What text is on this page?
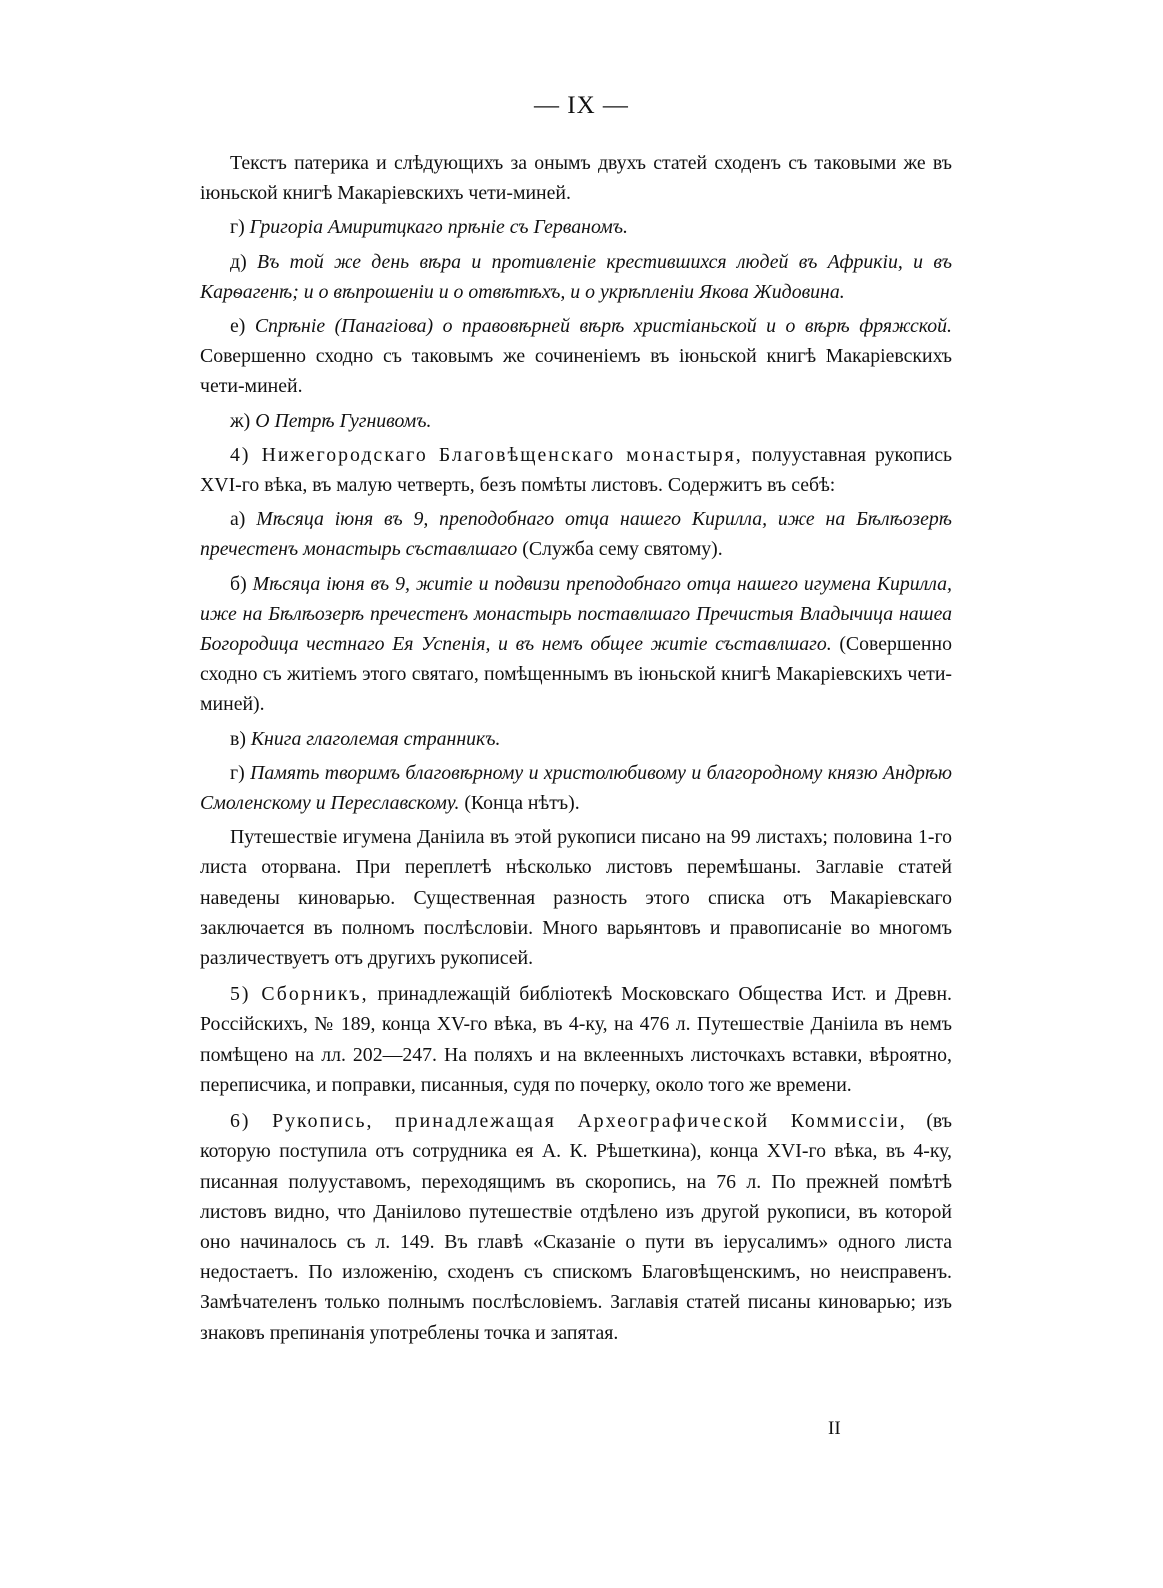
— IX —

Текстъ патерика и слѣдующихъ за онымъ двухъ статей сходенъ съ таковыми же въ іюньской книгѣ Макаріевскихъ чети-миней.

г) Григоріа Амиритцкаго прѣніе съ Герваномъ.

д) Въ той же день вѣра и противленіе крестившихся людей въ Африкіи, и въ Карѳагенѣ; и о вѣпрошеніи и о отвѣтѣхъ, и о укрѣпленіи Якова Жидовина.

е) Спрѣніе (Панагіова) о правовѣрней вѣрѣ христіаньской и о вѣрѣ фряжской. Совершенно сходно съ таковымъ же сочиненіемъ въ іюньской книгѣ Макаріевскихъ чети-миней.

ж) О Петрѣ Гугнивомъ.

4) Нижегородскаго Благовѣщенскаго монастыря, полууставная рукопись XVI-го вѣка, въ малую четверть, безъ помѣты листовъ. Содержитъ въ себѣ:

а) Мѣсяца іюня въ 9, преподобнаго отца нашего Кирилла, иже на Бѣлѣозерѣ пречестенъ монастырь съставлшаго (Служба сему святому).

б) Мѣсяца іюня въ 9, житіе и подвизи преподобнаго отца нашего игумена Кирилла, иже на Бѣлѣозерѣ пречестенъ монастырь поставлшаго Пречистыя Владычица нашеа Богородица честнаго Ея Успенія, и въ немъ общее житіе съставлшаго. (Совершенно сходно съ житіемъ этого святаго, помѣщеннымъ въ іюньской книгѣ Макаріевскихъ чети-миней).

в) Книга глаголемая странникъ.

г) Память творимъ благовѣрному и христолюбивому и благородному князю Андрѣю Смоленскому и Переславскому. (Конца нѣтъ).

Путешествіе игумена Даніила въ этой рукописи писано на 99 листахъ; половина 1-го листа оторвана. При переплетѣ нѣсколько листовъ перемѣшаны. Заглавіе статей наведены киноварью. Существенная разность этого списка отъ Макаріевскаго заключается въ полномъ послѣсловіи. Много варьянтовъ и правописаніе во многомъ различествуетъ отъ другихъ рукописей.

5) Сборникъ, принадлежащій библіотекѣ Московскаго Общества Ист. и Древн. Россійскихъ, № 189, конца XV-го вѣка, въ 4-ку, на 476 л. Путешествіе Даніила въ немъ помѣщено на лл. 202—247. На поляхъ и на вклеенныхъ листочкахъ вставки, вѣроятно, переписчика, и поправки, писанныя, судя по почерку, около того же времени.

6) Рукопись, принадлежащая Археографической Коммиссіи, (въ которую поступила отъ сотрудника ея А. К. Рѣшеткина), конца XVI-го вѣка, въ 4-ку, писанная полууставомъ, переходящимъ въ скоропись, на 76 л. По прежней помѣтѣ листовъ видно, что Даніилово путешествіе отдѣлено изъ другой рукописи, въ которой оно начиналось съ л. 149. Въ главѣ «Сказаніе о пути въ іерусалимъ» одного листа недостаетъ. По изложенію, сходенъ съ спискомъ Благовѣщенскимъ, но неисправенъ. Замѣчателенъ только полнымъ послѣсловіемъ. Заглавія статей писаны киноварью; изъ знаковъ препинанія употреблены точка и запятая.

II
